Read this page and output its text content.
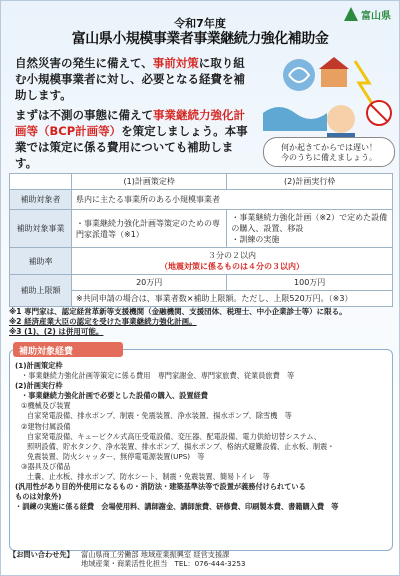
富山県
令和7年度
富山県小規模事業者事業継続力強化補助金
自然災害の発生に備えて、事前対策に取り組む小規模事業者に対し、必要となる経費を補助します。
まずは不測の事態に備えて事業継続力強化計画等（BCP計画等）を策定しましょう。本事業では策定に係る費用についても補助します。
何か起きてからでは遅い！
今のうちに備えましょう。
	(1)計画策定枠	(2)計画実行枠
補助対象者	県内に主たる事業所のある小規模事業者	
補助対象事業	・事業継続力強化計画等策定のための専門家派遣等（※1）	・事業継続力強化計画（※2）で定めた設備の購入、設置、移設
・訓練の実施

補助率	３分の２以内
（地震対策に係るものは４分の３以内）	

補助上限額	20万円	100万円
	※共同申請の場合は、事業者数×補助上限額。ただし、上限520万円。（※3）	
※1 専門家は、認定経営革新等支援機関（金融機関、支援団体、税理士、中小企業診士等）に限る。
※2 経済産業大臣の認定を受けた事業継続力強化計画。
※3 (1)、(2) は併用可能。
補助対象経費
(1)計画策定枠
・事業継続力強化計画等策定に係る費用　専門家謝金、専門家旅費、従業員旅費　等
(2)計画実行枠
・事業継続力強化計画で必要とした設備の購入、設置経費
①機械及び装置
自家発電設備、排水ポンプ、制震・免震装置、浄水装置、揚水ポンプ、除雪機　等
②建物付属設備
自家発電設備、キュービクル式高圧受電設備、変圧器、配電設備、電力供給切替システム、
照明設備、貯水タンク、浄水装置、排水ポンプ、揚水ポンプ、格納式避難設備、止水板、制震・
免震装置、防火シャッター、無停電電源装置(UPS)　等
③器具及び備品
土嚢、止水板、排水ポンプ、防水シート、制震・免震装置、簡易トイレ　等
(汎用性があり目的外使用になるもの・消防法・建築基準法等で設置が義務付けられている
ものは対象外)
・訓練の実施に係る経費　会場使用料、講師謝金、講師旅費、研修費、印刷製本費、書籍購入費　等
【お問い合わせ先】	富山県商工労働部 地域産業振興室 経営支援課
地域産業・商業活性化担当　TEL：076-444-3253
